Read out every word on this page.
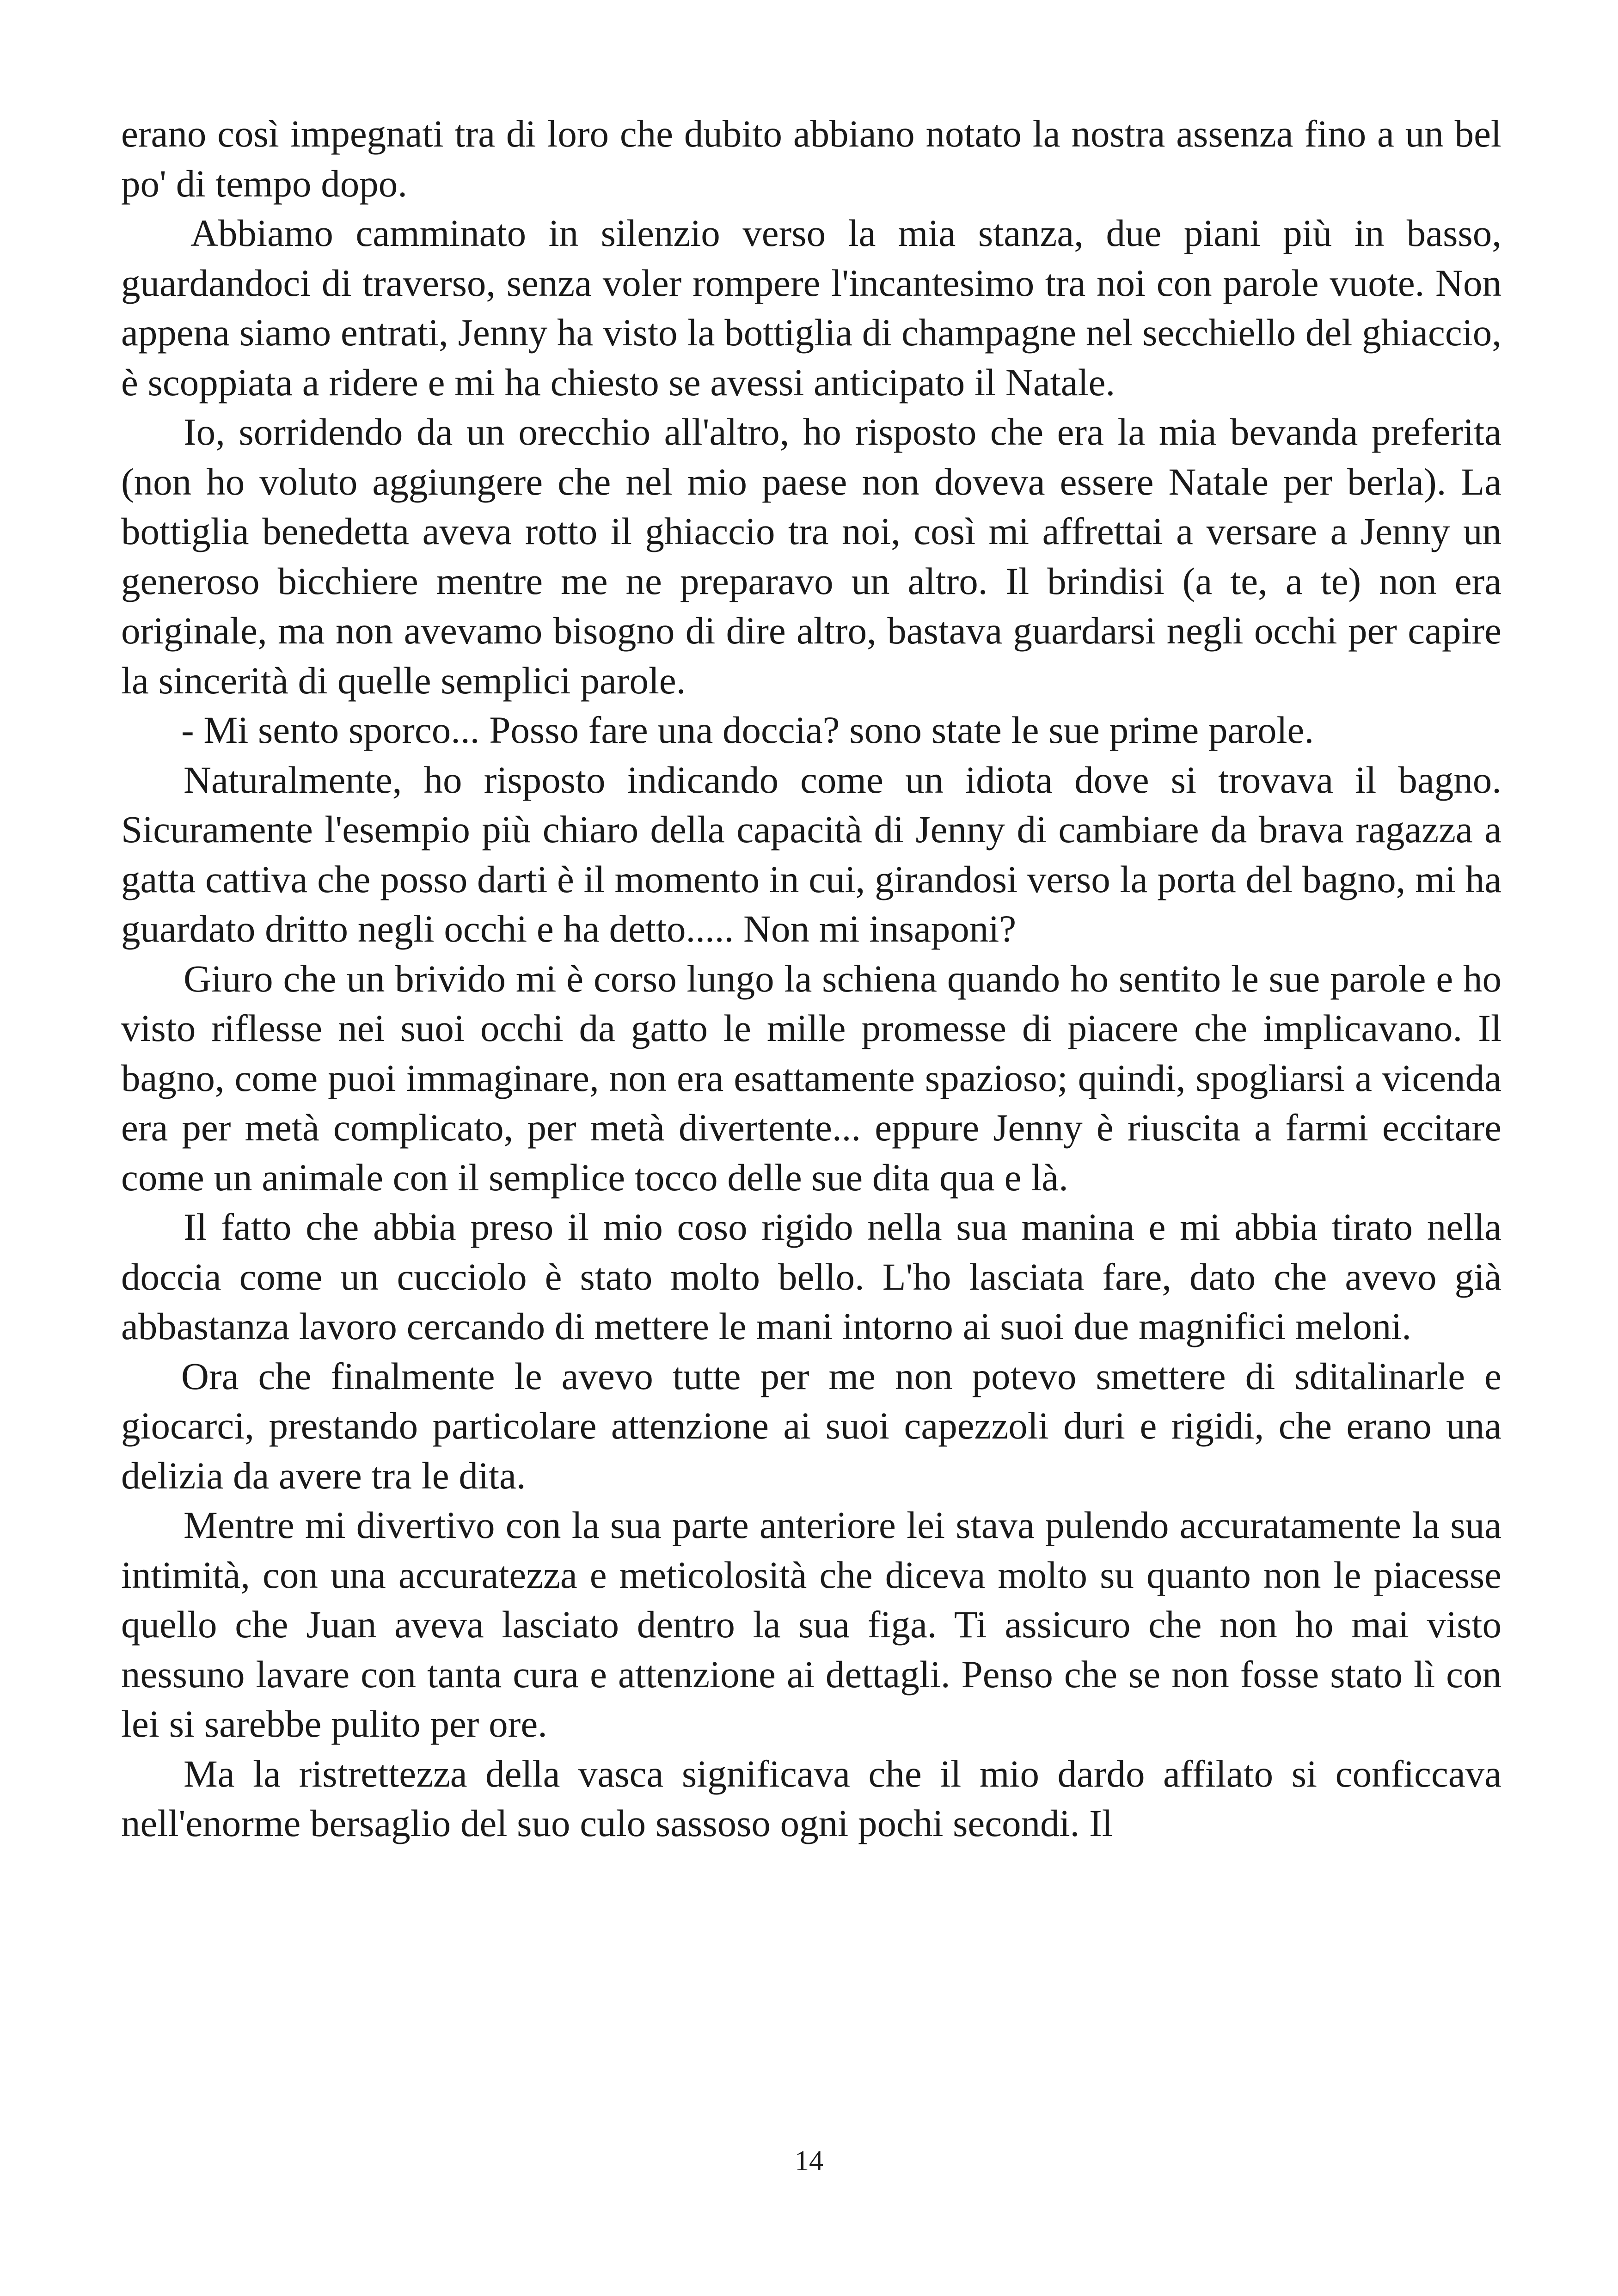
erano così impegnati tra di loro che dubito abbiano notato la nostra assenza fino a un bel po' di tempo dopo.

Abbiamo camminato in silenzio verso la mia stanza, due piani più in basso, guardandoci di traverso, senza voler rompere l'incantesimo tra noi con parole vuote. Non appena siamo entrati, Jenny ha visto la bottiglia di champagne nel secchiello del ghiaccio, è scoppiata a ridere e mi ha chiesto se avessi anticipato il Natale.

Io, sorridendo da un orecchio all'altro, ho risposto che era la mia bevanda preferita (non ho voluto aggiungere che nel mio paese non doveva essere Natale per berla). La bottiglia benedetta aveva rotto il ghiaccio tra noi, così mi affrettai a versare a Jenny un generoso bicchiere mentre me ne preparavo un altro. Il brindisi (a te, a te) non era originale, ma non avevamo bisogno di dire altro, bastava guardarsi negli occhi per capire la sincerità di quelle semplici parole.

- Mi sento sporco... Posso fare una doccia? sono state le sue prime parole.

Naturalmente, ho risposto indicando come un idiota dove si trovava il bagno. Sicuramente l'esempio più chiaro della capacità di Jenny di cambiare da brava ragazza a gatta cattiva che posso darti è il momento in cui, girandosi verso la porta del bagno, mi ha guardato dritto negli occhi e ha detto..... Non mi insaponi?

Giuro che un brivido mi è corso lungo la schiena quando ho sentito le sue parole e ho visto riflesse nei suoi occhi da gatto le mille promesse di piacere che implicavano. Il bagno, come puoi immaginare, non era esattamente spazioso; quindi, spogliarsi a vicenda era per metà complicato, per metà divertente... eppure Jenny è riuscita a farmi eccitare come un animale con il semplice tocco delle sue dita qua e là.

Il fatto che abbia preso il mio coso rigido nella sua manina e mi abbia tirato nella doccia come un cucciolo è stato molto bello. L'ho lasciata fare, dato che avevo già abbastanza lavoro cercando di mettere le mani intorno ai suoi due magnifici meloni.

Ora che finalmente le avevo tutte per me non potevo smettere di sditalinarle e giocarci, prestando particolare attenzione ai suoi capezzoli duri e rigidi, che erano una delizia da avere tra le dita.

Mentre mi divertivo con la sua parte anteriore lei stava pulendo accuratamente la sua intimità, con una accuratezza e meticolosità che diceva molto su quanto non le piacesse quello che Juan aveva lasciato dentro la sua figa. Ti assicuro che non ho mai visto nessuno lavare con tanta cura e attenzione ai dettagli. Penso che se non fosse stato lì con lei si sarebbe pulito per ore.

Ma la ristrettezza della vasca significava che il mio dardo affilato si conficcava nell'enorme bersaglio del suo culo sassoso ogni pochi secondi. Il

14
